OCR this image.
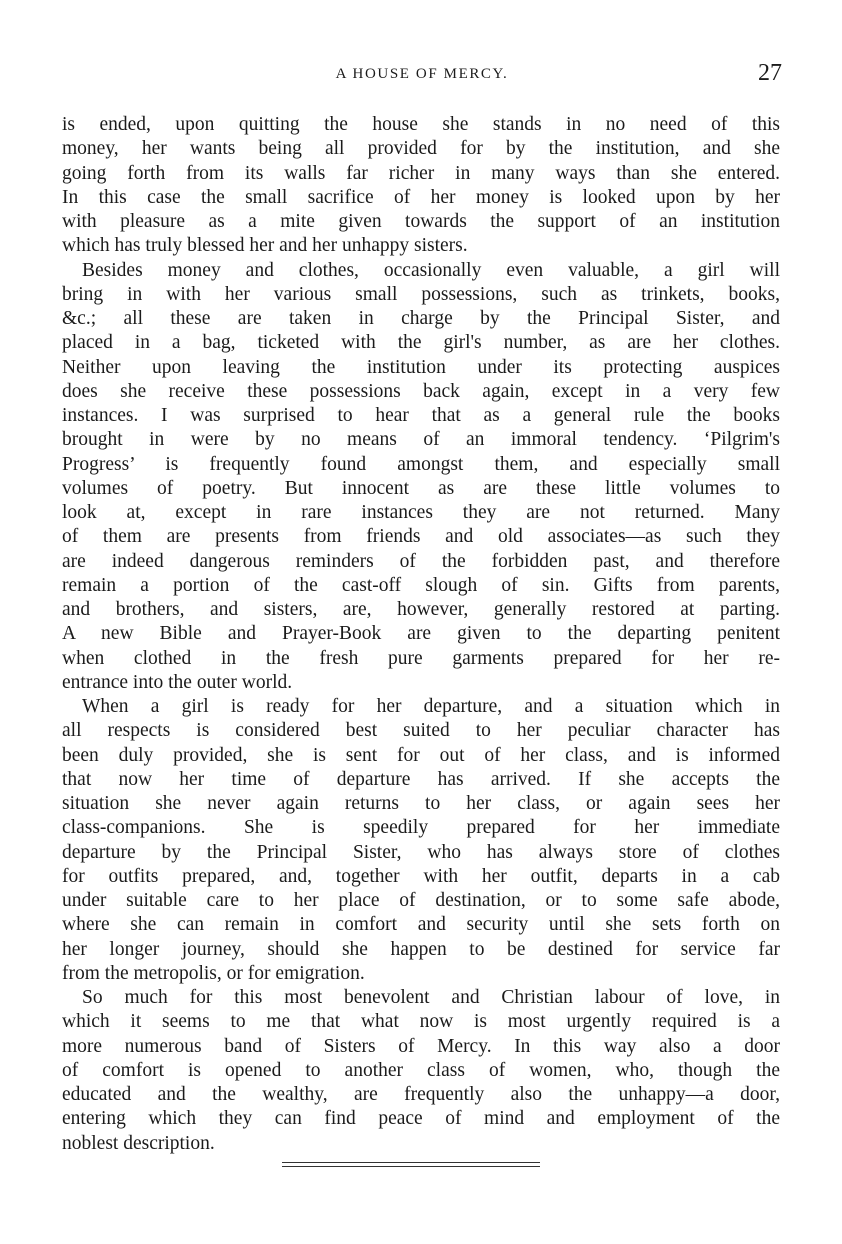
A HOUSE OF MERCY.	27
is ended, upon quitting the house she stands in no need of this
money, her wants being all provided for by the institution, and she
going forth from its walls far richer in many ways than she entered.
In this case the small sacrifice of her money is looked upon by her
with pleasure as a mite given towards the support of an institution
which has truly blessed her and her unhappy sisters.
Besides money and clothes, occasionally even valuable, a girl will
bring in with her various small possessions, such as trinkets, books,
&c.; all these are taken in charge by the Principal Sister, and
placed in a bag, ticketed with the girl's number, as are her clothes.
Neither upon leaving the institution under its protecting auspices
does she receive these possessions back again, except in a very few
instances. I was surprised to hear that as a general rule the books
brought in were by no means of an immoral tendency. ‘Pilgrim's
Progress’ is frequently found amongst them, and especially small
volumes of poetry. But innocent as are these little volumes to
look at, except in rare instances they are not returned. Many
of them are presents from friends and old associates—as such they
are indeed dangerous reminders of the forbidden past, and therefore
remain a portion of the cast-off slough of sin. Gifts from parents,
and brothers, and sisters, are, however, generally restored at parting.
A new Bible and Prayer-Book are given to the departing penitent
when clothed in the fresh pure garments prepared for her re-
entrance into the outer world.
When a girl is ready for her departure, and a situation which in
all respects is considered best suited to her peculiar character has
been duly provided, she is sent for out of her class, and is informed
that now her time of departure has arrived. If she accepts the
situation she never again returns to her class, or again sees her
class-companions. She is speedily prepared for her immediate
departure by the Principal Sister, who has always store of clothes
for outfits prepared, and, together with her outfit, departs in a cab
under suitable care to her place of destination, or to some safe abode,
where she can remain in comfort and security until she sets forth on
her longer journey, should she happen to be destined for service far
from the metropolis, or for emigration.
So much for this most benevolent and Christian labour of love, in
which it seems to me that what now is most urgently required is a
more numerous band of Sisters of Mercy. In this way also a door
of comfort is opened to another class of women, who, though the
educated and the wealthy, are frequently also the unhappy—a door,
entering which they can find peace of mind and employment of the
noblest description.
